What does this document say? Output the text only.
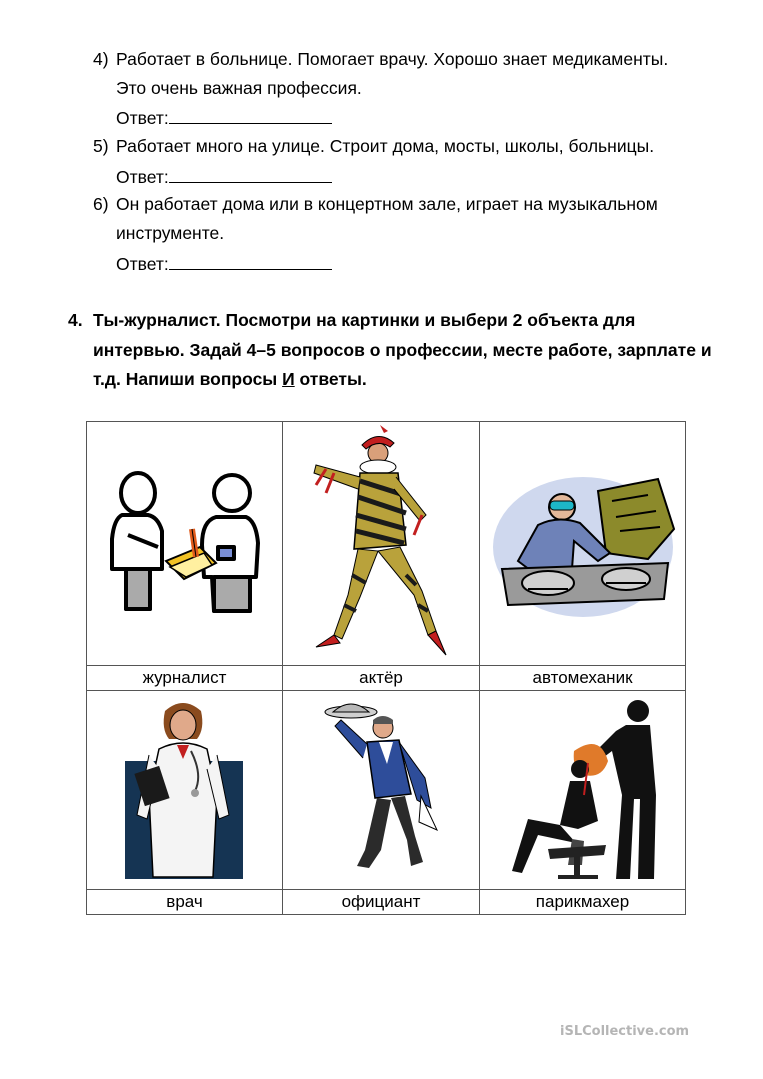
4) Работает в больнице. Помогает врачу. Хорошо знает медикаменты.
Это очень важная профессия.
Ответ:
5) Работает много на улице. Строит дома, мосты, школы, больницы.
Ответ:
6) Он работает дома или в концертном зале, играет на музыкальном
инструменте.
Ответ:
4. Ты-журналист. Посмотри на картинки и выбери 2 объекта для интервью. Задай 4–5 вопросов о профессии, месте работе, зарплате и т.д. Напиши вопросы И ответы.

журналист	актёр	автомеханик

врач	официант	парикмахер
iSLCollective.com
